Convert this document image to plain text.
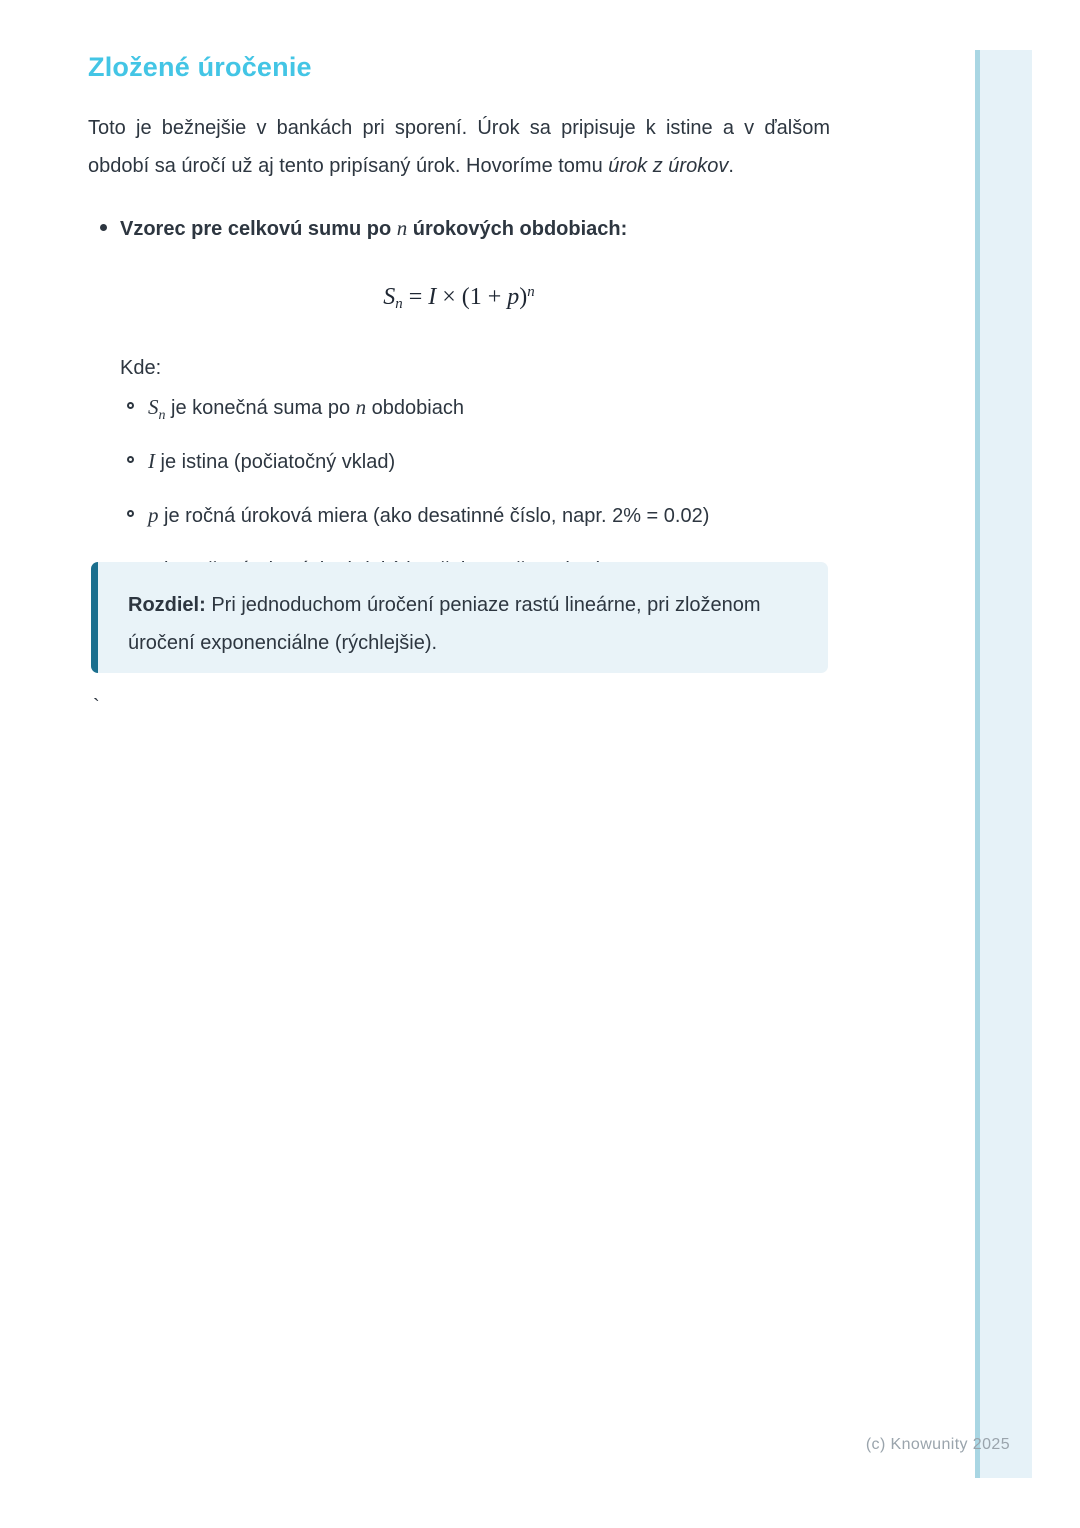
Zložené úročenie

Toto je bežnejšie v bankách pri sporení. Úrok sa pripisuje k istine a v ďalšom období sa úročí už aj tento pripísaný úrok. Hovoríme tomu úrok z úrokov.

Vzorec pre celkovú sumu po n úrokových obdobiach:
$S_n = I \times (1 + p)^n$
Kde:
$S_n$ je konečná suma po n obdobiach
I je istina (počiatočný vklad)
p je ročná úroková miera (ako desatinné číslo, napr. 2% = 0.02)
Rozdiel: Pri jednoduchom úročení peniaze rastú lineárne, pri zloženom úročení exponenciálne (rýchlejšie).
`
(c) Knowunity 2025
